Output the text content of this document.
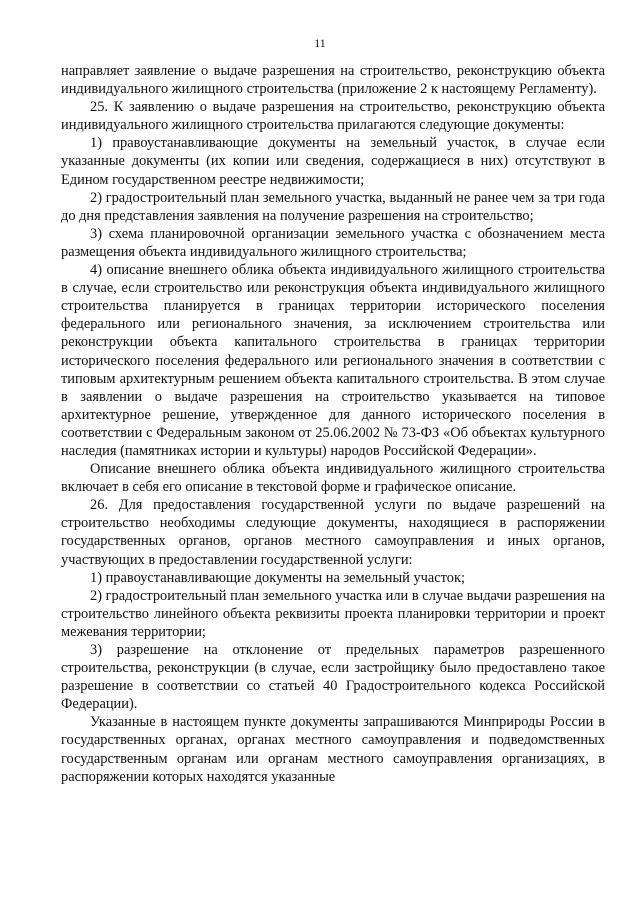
11

направляет заявление о выдаче разрешения на строительство, реконструкцию объекта индивидуального жилищного строительства (приложение 2 к настоящему Регламенту).

25. К заявлению о выдаче разрешения на строительство, реконструкцию объекта индивидуального жилищного строительства прилагаются следующие документы:

1) правоустанавливающие документы на земельный участок, в случае если указанные документы (их копии или сведения, содержащиеся в них) отсутствуют в Едином государственном реестре недвижимости;

2) градостроительный план земельного участка, выданный не ранее чем за три года до дня представления заявления на получение разрешения на строительство;

3) схема планировочной организации земельного участка с обозначением места размещения объекта индивидуального жилищного строительства;

4) описание внешнего облика объекта индивидуального жилищного строительства в случае, если строительство или реконструкция объекта индивидуального жилищного строительства планируется в границах территории исторического поселения федерального или регионального значения, за исключением строительства или реконструкции объекта капитального строительства в границах территории исторического поселения федерального или регионального значения в соответствии с типовым архитектурным решением объекта капитального строительства. В этом случае в заявлении о выдаче разрешения на строительство указывается на типовое архитектурное решение, утвержденное для данного исторического поселения в соответствии с Федеральным законом от 25.06.2002 № 73-ФЗ «Об объектах культурного наследия (памятниках истории и культуры) народов Российской Федерации».

Описание внешнего облика объекта индивидуального жилищного строительства включает в себя его описание в текстовой форме и графическое описание.

26. Для предоставления государственной услуги по выдаче разрешений на строительство необходимы следующие документы, находящиеся в распоряжении государственных органов, органов местного самоуправления и иных органов, участвующих в предоставлении государственной услуги:

1) правоустанавливающие документы на земельный участок;

2) градостроительный план земельного участка или в случае выдачи разрешения на строительство линейного объекта реквизиты проекта планировки территории и проект межевания территории;

3) разрешение на отклонение от предельных параметров разрешенного строительства, реконструкции (в случае, если застройщику было предоставлено такое разрешение в соответствии со статьей 40 Градостроительного кодекса Российской Федерации).

Указанные в настоящем пункте документы запрашиваются Минприроды России в государственных органах, органах местного самоуправления и подведомственных государственным органам или органам местного самоуправления организациях, в распоряжении которых находятся указанные
